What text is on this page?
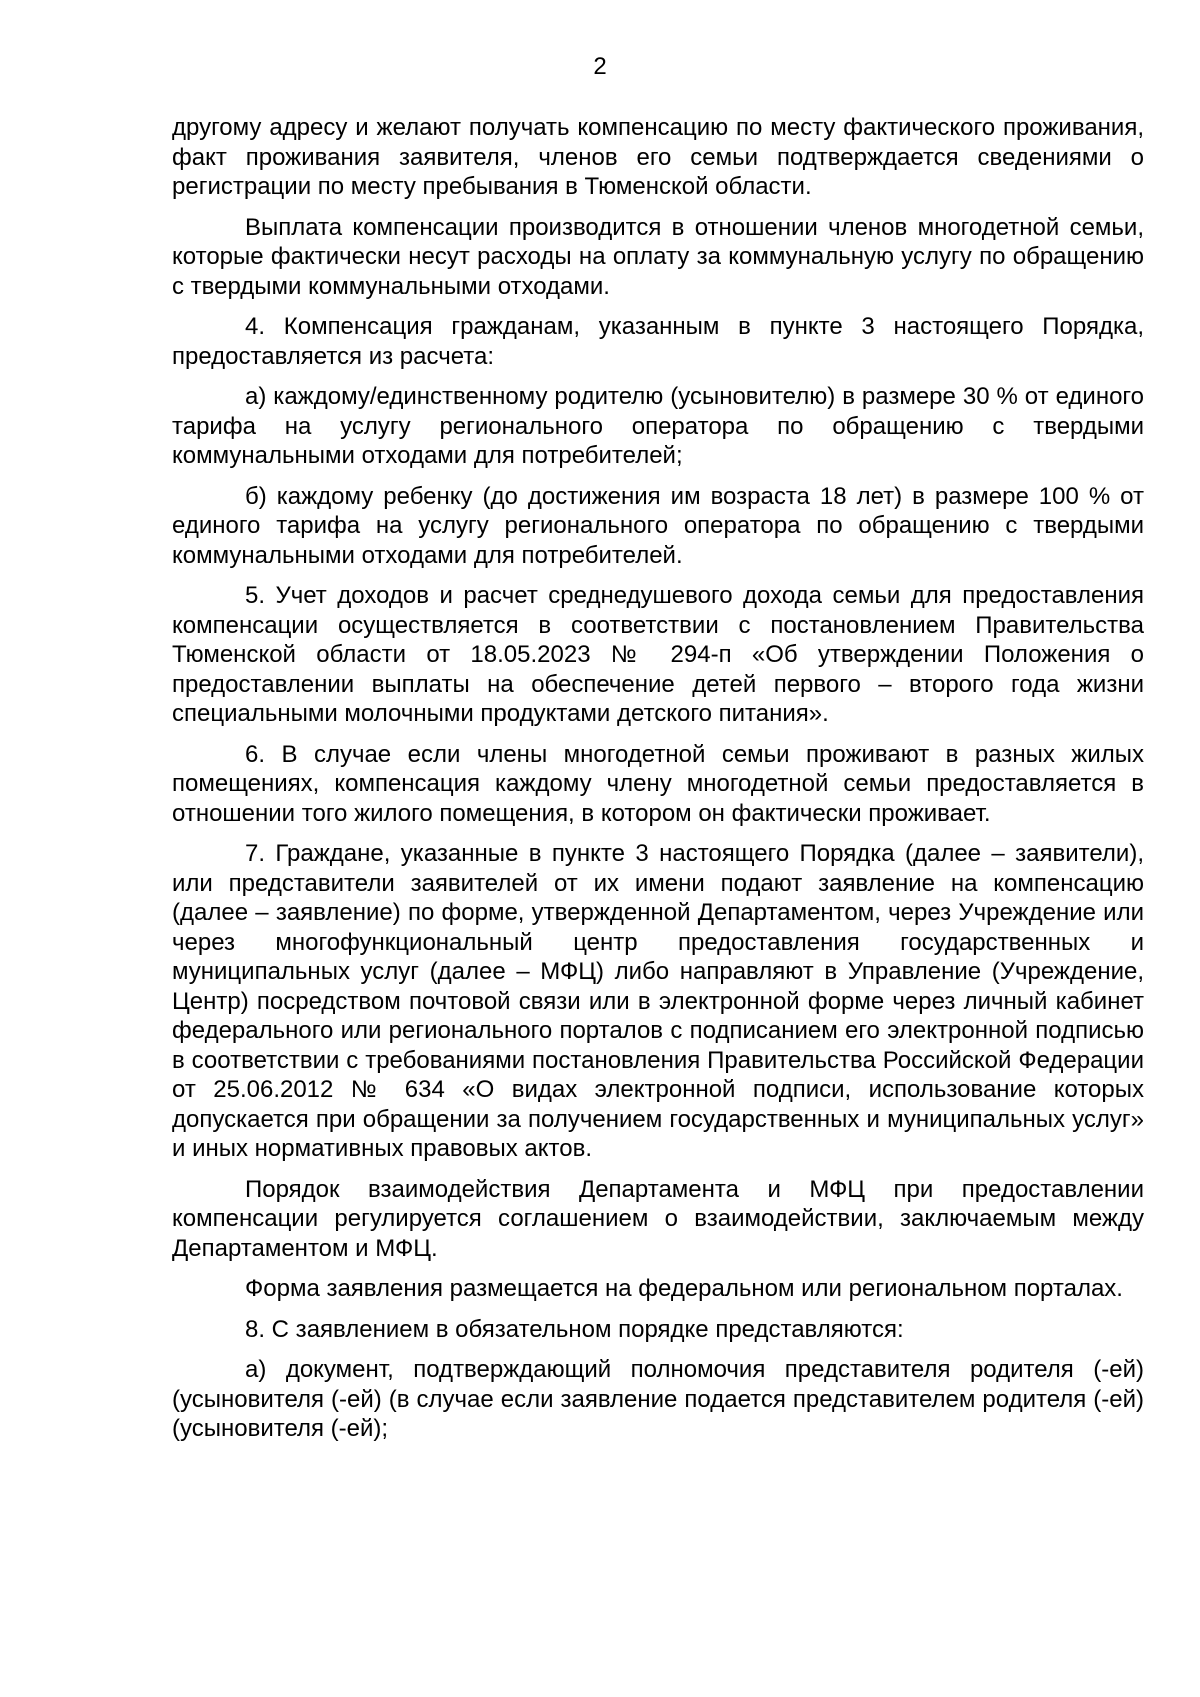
2

другому адресу и желают получать компенсацию по месту фактического проживания, факт проживания заявителя, членов его семьи подтверждается сведениями о регистрации по месту пребывания в Тюменской области.

Выплата компенсации производится в отношении членов многодетной семьи, которые фактически несут расходы на оплату за коммунальную услугу по обращению с твердыми коммунальными отходами.

4. Компенсация гражданам, указанным в пункте 3 настоящего Порядка, предоставляется из расчета:

а) каждому/единственному родителю (усыновителю) в размере 30 % от единого тарифа на услугу регионального оператора по обращению с твердыми коммунальными отходами для потребителей;

б) каждому ребенку (до достижения им возраста 18 лет) в размере 100 % от единого тарифа на услугу регионального оператора по обращению с твердыми коммунальными отходами для потребителей.

5. Учет доходов и расчет среднедушевого дохода семьи для предоставления компенсации осуществляется в соответствии с постановлением Правительства Тюменской области от 18.05.2023 № 294-п «Об утверждении Положения о предоставлении выплаты на обеспечение детей первого – второго года жизни специальными молочными продуктами детского питания».

6. В случае если члены многодетной семьи проживают в разных жилых помещениях, компенсация каждому члену многодетной семьи предоставляется в отношении того жилого помещения, в котором он фактически проживает.

7. Граждане, указанные в пункте 3 настоящего Порядка (далее – заявители), или представители заявителей от их имени подают заявление на компенсацию (далее – заявление) по форме, утвержденной Департаментом, через Учреждение или через многофункциональный центр предоставления государственных и муниципальных услуг (далее – МФЦ) либо направляют в Управление (Учреждение, Центр) посредством почтовой связи или в электронной форме через личный кабинет федерального или регионального порталов с подписанием его электронной подписью в соответствии с требованиями постановления Правительства Российской Федерации от 25.06.2012 № 634 «О видах электронной подписи, использование которых допускается при обращении за получением государственных и муниципальных услуг» и иных нормативных правовых актов.

Порядок взаимодействия Департамента и МФЦ при предоставлении компенсации регулируется соглашением о взаимодействии, заключаемым между Департаментом и МФЦ.

Форма заявления размещается на федеральном или региональном порталах.

8. С заявлением в обязательном порядке представляются:

а) документ, подтверждающий полномочия представителя родителя (-ей) (усыновителя (-ей) (в случае если заявление подается представителем родителя (-ей) (усыновителя (-ей);
